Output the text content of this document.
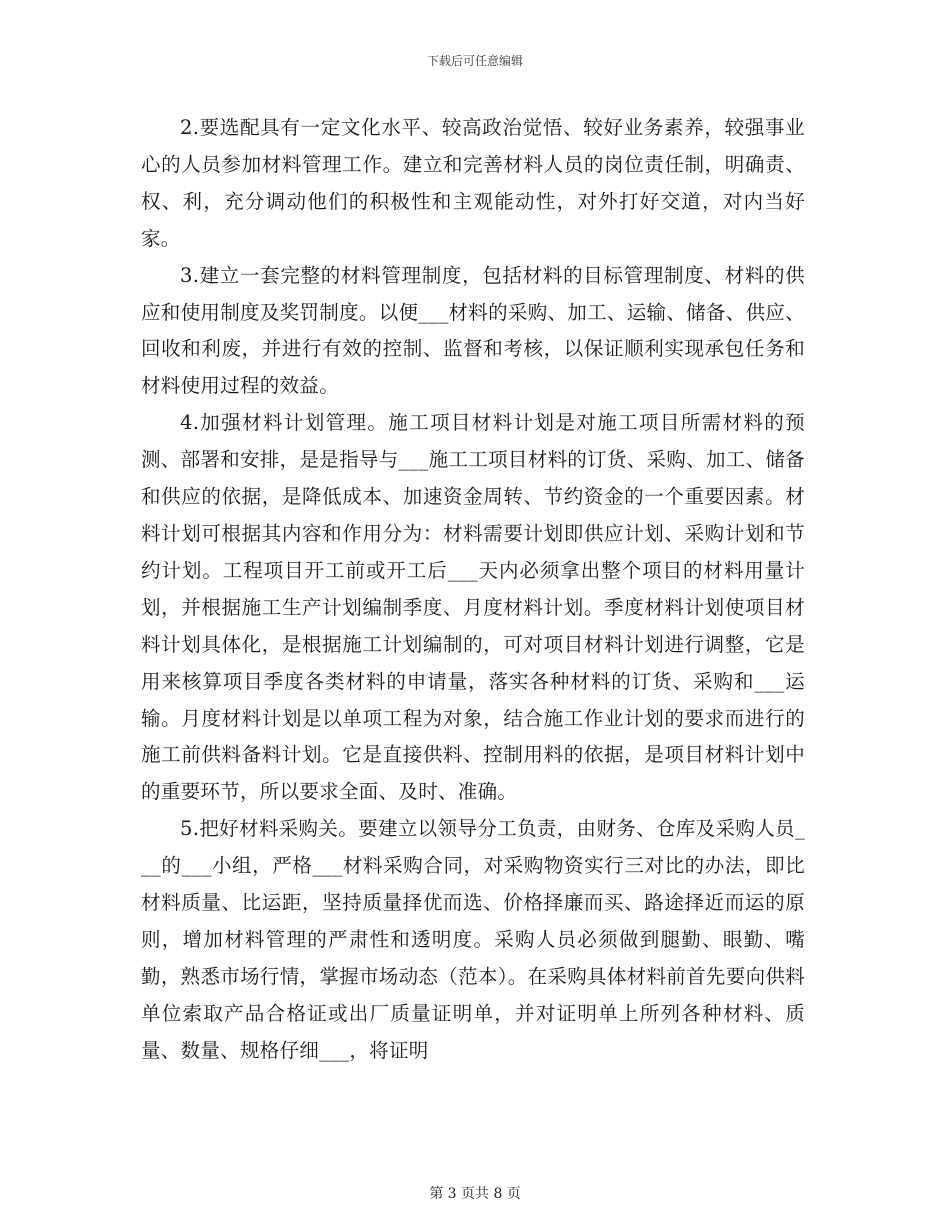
下载后可任意编辑

2.要选配具有一定文化水平、较高政治觉悟、较好业务素养，较强事业心的人员参加材料管理工作。建立和完善材料人员的岗位责任制，明确责、权、利，充分调动他们的积极性和主观能动性，对外打好交道，对内当好家。

3.建立一套完整的材料管理制度，包括材料的目标管理制度、材料的供应和使用制度及奖罚制度。以便___材料的采购、加工、运输、储备、供应、回收和利废，并进行有效的控制、监督和考核，以保证顺利实现承包任务和材料使用过程的效益。

4.加强材料计划管理。施工项目材料计划是对施工项目所需材料的预测、部署和安排，是是指导与___施工工项目材料的订货、采购、加工、储备和供应的依据，是降低成本、加速资金周转、节约资金的一个重要因素。材料计划可根据其内容和作用分为：材料需要计划即供应计划、采购计划和节约计划。工程项目开工前或开工后___天内必须拿出整个项目的材料用量计划，并根据施工生产计划编制季度、月度材料计划。季度材料计划使项目材料计划具体化，是根据施工计划编制的，可对项目材料计划进行调整，它是用来核算项目季度各类材料的申请量，落实各种材料的订货、采购和___运输。月度材料计划是以单项工程为对象，结合施工作业计划的要求而进行的施工前供料备料计划。它是直接供料、控制用料的依据，是项目材料计划中的重要环节，所以要求全面、及时、准确。

5.把好材料采购关。要建立以领导分工负责，由财务、仓库及采购人员___的___小组，严格___材料采购合同，对采购物资实行三对比的办法，即比材料质量、比运距，坚持质量择优而选、价格择廉而买、路途择近而运的原则，增加材料管理的严肃性和透明度。采购人员必须做到腿勤、眼勤、嘴勤，熟悉市场行情，掌握市场动态（范本）。在采购具体材料前首先要向供料单位索取产品合格证或出厂质量证明单，并对证明单上所列各种材料、质量、数量、规格仔细___，将证明

第 3 页共 8 页
